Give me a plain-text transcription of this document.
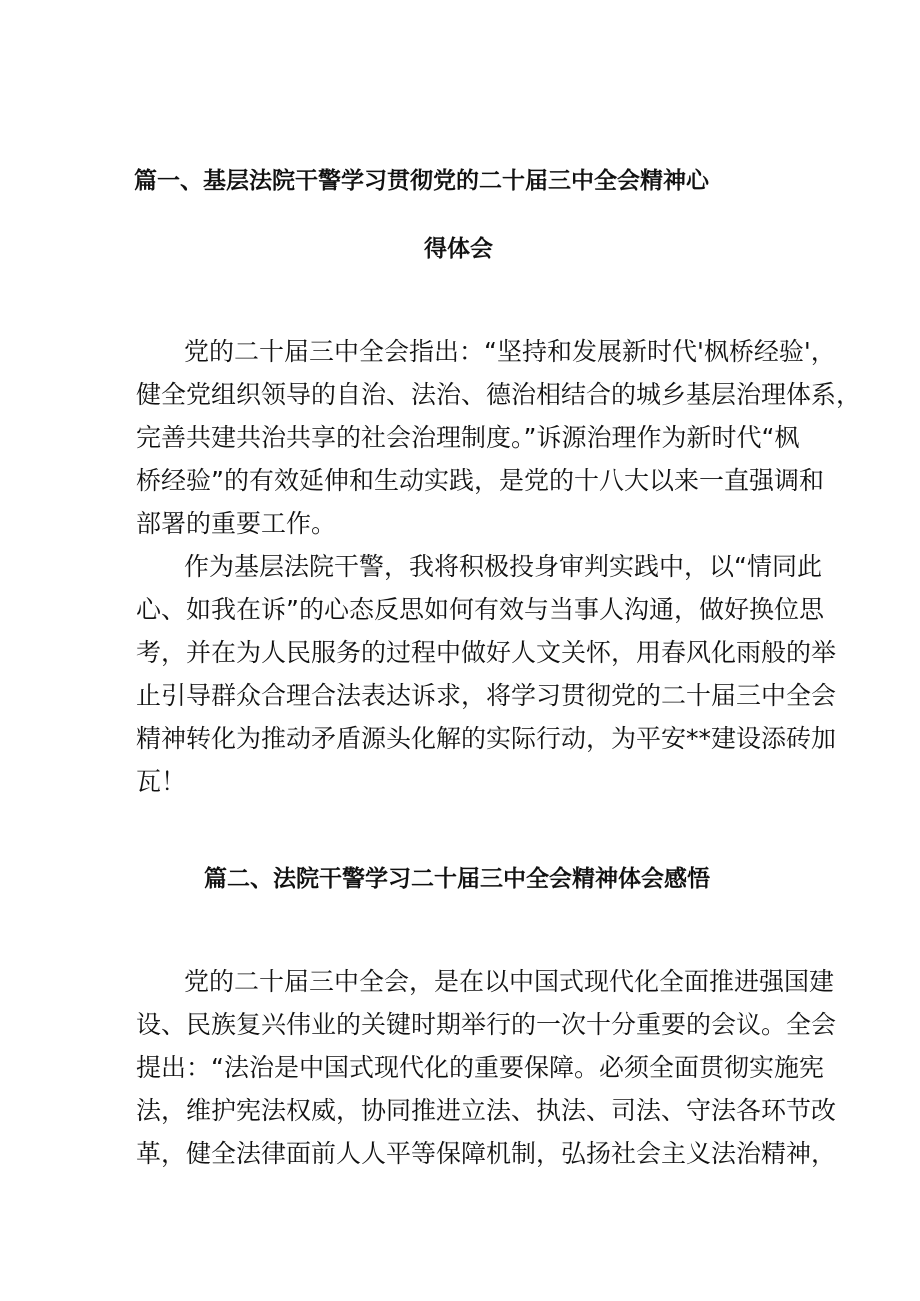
篇一、基层法院干警学习贯彻党的二十届三中全会精神心
得体会
党的二十届三中全会指出：“坚持和发展新时代'枫桥经验'，
健全党组织领导的自治、法治、德治相结合的城乡基层治理体系，
完善共建共治共享的社会治理制度。”诉源治理作为新时代“枫
桥经验”的有效延伸和生动实践，是党的十八大以来一直强调和
部署的重要工作。
作为基层法院干警，我将积极投身审判实践中，以“情同此
心、如我在诉”的心态反思如何有效与当事人沟通，做好换位思
考，并在为人民服务的过程中做好人文关怀，用春风化雨般的举
止引导群众合理合法表达诉求，将学习贯彻党的二十届三中全会
精神转化为推动矛盾源头化解的实际行动，为平安**建设添砖加
瓦！
篇二、法院干警学习二十届三中全会精神体会感悟
党的二十届三中全会，是在以中国式现代化全面推进强国建
设、民族复兴伟业的关键时期举行的一次十分重要的会议。全会
提出：“法治是中国式现代化的重要保障。必须全面贯彻实施宪
法，维护宪法权威，协同推进立法、执法、司法、守法各环节改
革，健全法律面前人人平等保障机制，弘扬社会主义法治精神，
